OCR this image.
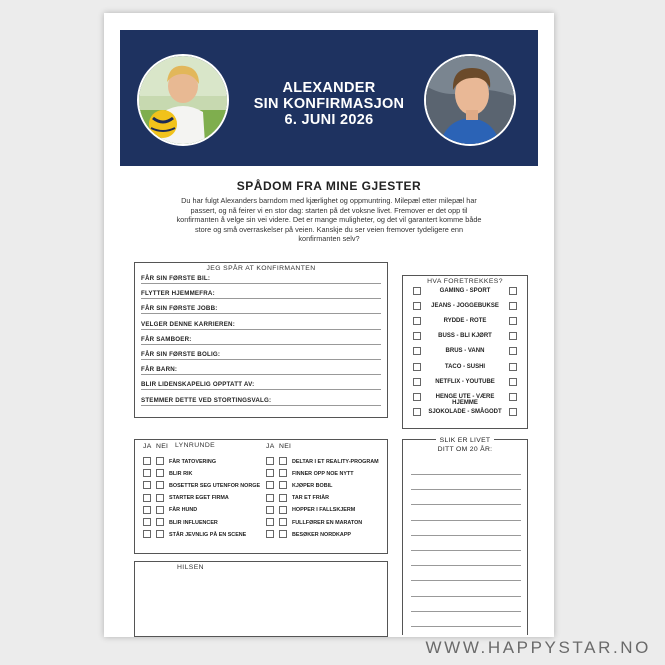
ALEXANDER
SIN KONFIRMASJON
6. JUNI 2026
SPÅDOM FRA MINE GJESTER
Du har fulgt Alexanders barndom med kjærlighet og oppmuntring. Milepæl etter milepæl har passert, og nå feirer vi en stor dag: starten på det voksne livet. Fremover er det opp til konfirmanten å velge sin vei videre. Det er mange muligheter, og det vil garantert komme både store og små overraskelser på veien. Kanskje du ser veien fremover tydeligere enn konfirmanten selv?
JEG SPÅR AT KONFIRMANTEN
FÅR SIN FØRSTE BIL:
FLYTTER HJEMMEFRA:
FÅR SIN FØRSTE JOBB:
VELGER DENNE KARRIEREN:
FÅR SAMBOER:
FÅR SIN FØRSTE BOLIG:
FÅR BARN:
BLIR LIDENSKAPELIG OPPTATT AV:
STEMMER DETTE VED STORTINGSVALG:
HVA FORETREKKES?
GAMING - SPORT
JEANS - JOGGEBUKSE
RYDDE - ROTE
BUSS - BLI KJØRT
BRUS - VANN
TACO - SUSHI
NETFLIX - YOUTUBE
HENGE UTE - VÆRE HJEMME
SJOKOLADE - SMÅGODT
LYNRUNDE
JA NEI	JA NEI
FÅR TATOVERING
BLIR RIK
BOSETTER SEG UTENFOR NORGE
STARTER EGET FIRMA
FÅR HUND
BLIR INFLUENCER
STÅR JEVNLIG PÅ EN SCENE
DELTAR I ET REALITY-PROGRAM
FINNER OPP NOE NYTT
KJØPER BOBIL
TAR ET FRIÅR
HOPPER I FALLSKJERM
FULLFØRER EN MARATON
BESØKER NORDKAPP
SLIK ER LIVET
DITT OM 20 ÅR:
HILSEN
WWW.HAPPYSTAR.NO
